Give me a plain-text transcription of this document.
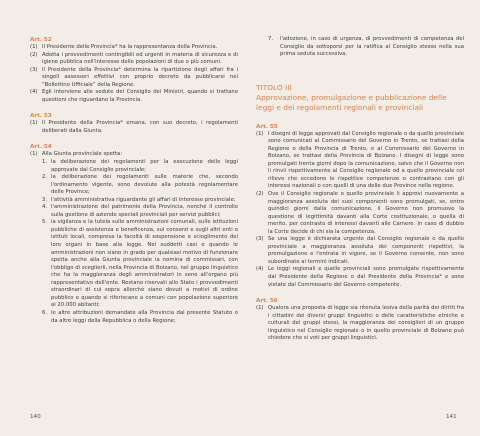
Art. 52

(1) Il Presidente della Provincia* ha la rappresentanza della Provincia.
(2) Adotta i provvedimenti contingibili ed urgenti in materia di sicurezza e di igiene pubblica nell'interesse delle popolazioni di due o più comuni.
(3) Il Presidente della Provincia* determina la ripartizione degli affari fra i singoli assessori effettivi con proprio decreto da pubblicarsi nel “Bollettino Ufficiale” della Regione.
(4) Egli interviene alle sedute del Consiglio dei Ministri, quando si trattano questioni che riguardano la Provincia.

Art. 53

(1) Il Presidente della Provincia* emana, con suo decreto, i regolamenti deliberati dalla Giunta.

Art. 54

(1) Alla Giunta provinciale spetta:
1. la deliberazione dei regolamenti per la esecuzione delle leggi approvate dal Consiglio provinciale;
2. la deliberazione dei regolamenti sulle materie che, secondo l'ordinamento vigente, sono devolute alla potestà regolamentare delle Province;
3. l'attività amministrativa riguardante gli affari di interesse provinciale;
4. l'amministrazione del patrimonio della Provincia, nonché il controllo sulla gestione di aziende speciali provinciali per servizi pubblici;
5. la vigilanza e la tutela sulle amministrazioni comunali, sulle istituzioni pubbliche di assistenza e beneficenza, sui consorzi e sugli altri enti o istituti locali, compresa la facoltà di sospensione e scioglimento dei loro organi in base alla legge. Nei suddetti casi e quando le amministrazioni non siano in grado per qualsiasi motivo di funzionare spetta anche alla Giunta provinciale la nomina di commissari, con l'obbligo di sceglierli, nella Provincia di Bolzano, nel gruppo linguistico che ha la maggioranza degli amministratori in seno all'organo più rappresentativo dell'ente. Restano riservati allo Stato i provvedimenti straordinari di cui sopra allorché siano dovuti a motivi di ordine pubblico e quando si riferiscano a comuni con popolazione superiore ai 20.000 abitanti;
6. le altre attribuzioni demandate alla Provincia dal presente Statuto o da altre leggi della Repubblica o della Regione;
7.	l'adozione, in caso di urgenza, di provvedimenti di competenza del Consiglio da sottoporsi per la ratifica al Consiglio stesso nella sua prima seduta successiva.
TITOLO III
Approvazione, promulgazione e pubblicazione delle leggi e dei regolamenti regionali e provinciali

Art. 55

(1) I disegni di legge approvati dal Consiglio regionale o da quello provinciale sono comunicati al Commissario del Governo in Trento, se trattasi della Regione o della Provincia di Trento, e al Commissario del Governo in Bolzano, se trattasi della Provincia di Bolzano. I disegni di legge sono promulgati trenta giorni dopo la comunicazione, salvo che il Governo non li rinvii rispettivamente al Consiglio regionale od a quello provinciale col rilievo che eccedono le rispettive competenze o contrastano con gli interessi nazionali o con quelli di una delle due Province nella regione.
(2) Ove il Consiglio regionale o quello provinciale li approvi nuovamente a maggioranza assoluta dei suoi componenti sono promulgati, se, entro quindici giorni dalla comunicazione, il Governo non promuove la questione di legittimità davanti alla Corte costituzionale, o quella di merito, per contrasto di interessi davanti alle Camere. In caso di dubbio la Corte decide di chi sia la competenza.
(3) Se una legge è dichiarata urgente dal Consiglio regionale o da quello provinciale a maggioranza assoluta dei componenti rispettivi, la promulgazione e l'entrata in vigore, se il Governo consente, non sono subordinate ai termini indicati.
(4) Le leggi regionali e quelle provinciali sono promulgate rispettivamente dal Presidente della Regione o dal Presidente della Provincia* e sono vistate dal Commissario del Governo competente.

Art. 56

(1) Qualora una proposta di legge sia ritenuta lesiva della parità dei diritti fra i cittadini dei diversi gruppi linguistici o delle caratteristiche etniche e culturali dei gruppi stessi, la maggioranza dei consiglieri di un gruppo linguistico nel Consiglio regionale o in quello provinciale di Bolzano può chiedere che si voti per gruppi linguistici.
140	141
